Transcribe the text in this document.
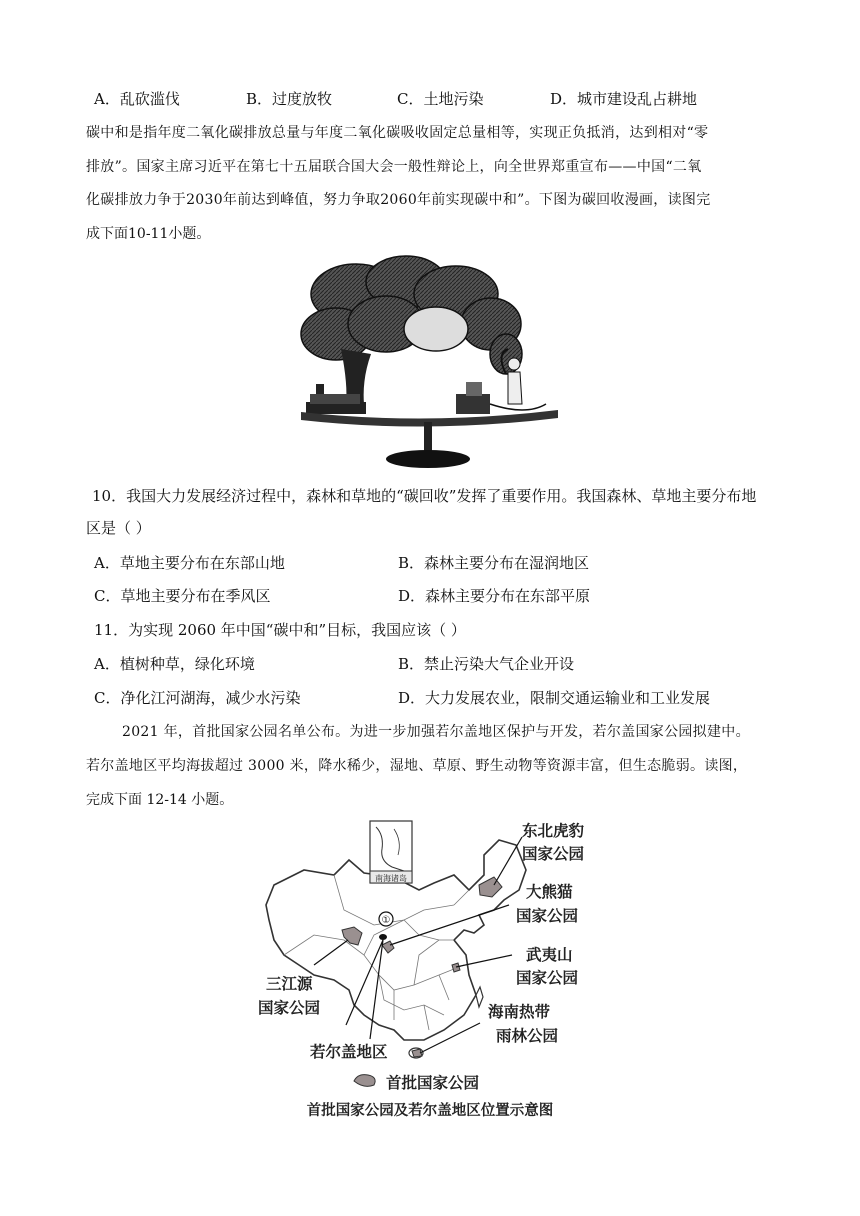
A．乱砍滥伐	B．过度放牧	C．土地污染	D．城市建设乱占耕地
碳中和是指年度二氧化碳排放总量与年度二氧化碳吸收固定总量相等，实现正负抵消，达到相对“零
排放”。国家主席习近平在第七十五届联合国大会一般性辩论上，向全世界郑重宣布——中国“二氧
化碳排放力争于2030年前达到峰值，努力争取2060年前实现碳中和”。下图为碳回收漫画，读图完
成下面10-11小题。
10．我国大力发展经济过程中，森林和草地的“碳回收”发挥了重要作用。我国森林、草地主要分布地
区是（ ）
A．草地主要分布在东部山地	B．森林主要分布在湿润地区
C．草地主要分布在季风区	D．森林主要分布在东部平原
11．为实现 2060 年中国“碳中和”目标，我国应该（ ）
A．植树种草，绿化环境	B．禁止污染大气企业开设
C．净化江河湖海，减少水污染	D．大力发展农业，限制交通运输业和工业发展
2021 年，首批国家公园名单公布。为进一步加强若尔盖地区保护与开发，若尔盖国家公园拟建中。
若尔盖地区平均海拔超过 3000 米，降水稀少，湿地、草原、野生动物等资源丰富，但生态脆弱。读图，
完成下面 12-14 小题。
南海诸岛
①
东北虎豹
国家公园
大熊猫
国家公园
武夷山
国家公园
三江源
国家公园	海南热带
雨林公园
若尔盖地区
首批国家公园
首批国家公园及若尔盖地区位置示意图
